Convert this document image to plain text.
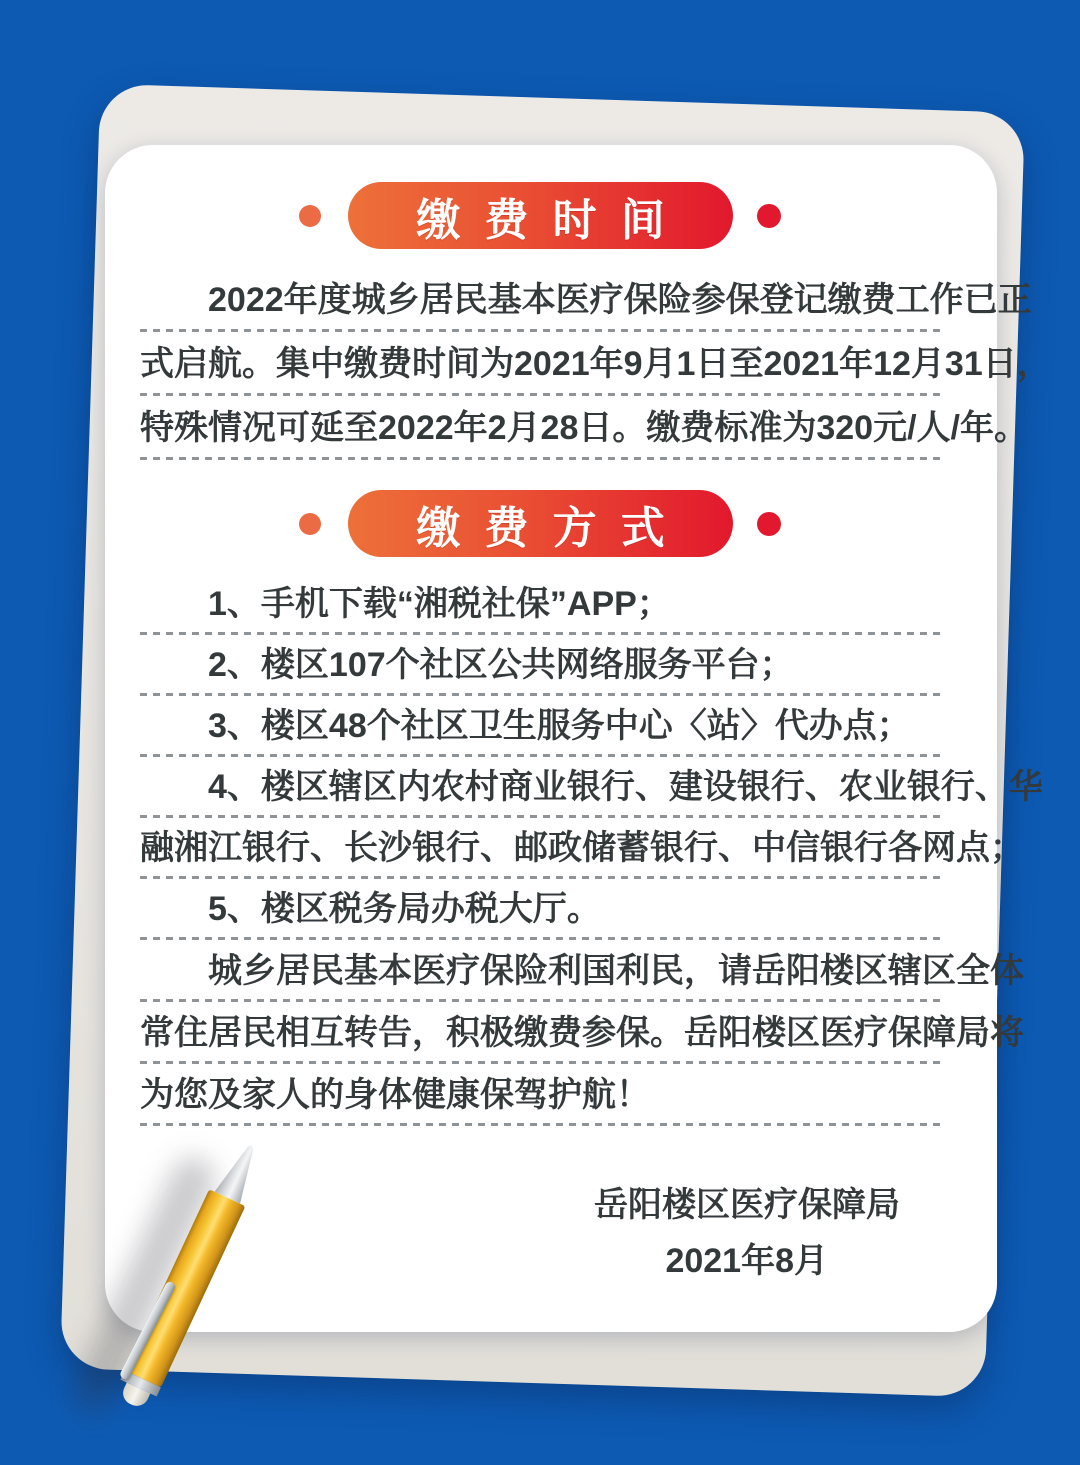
缴费时间
2022年度城乡居民基本医疗保险参保登记缴费工作已正
式启航。集中缴费时间为2021年9月1日至2021年12月31日，
特殊情况可延至2022年2月28日。缴费标准为320元/人/年。
缴费方式
1、手机下载“湘税社保”APP；
2、楼区107个社区公共网络服务平台；
3、楼区48个社区卫生服务中心〈站〉代办点；
4、楼区辖区内农村商业银行、建设银行、农业银行、华
融湘江银行、长沙银行、邮政储蓄银行、中信银行各网点；
5、楼区税务局办税大厅。
城乡居民基本医疗保险利国利民，请岳阳楼区辖区全体
常住居民相互转告，积极缴费参保。岳阳楼区医疗保障局将
为您及家人的身体健康保驾护航！
岳阳楼区医疗保障局
2021年8月
